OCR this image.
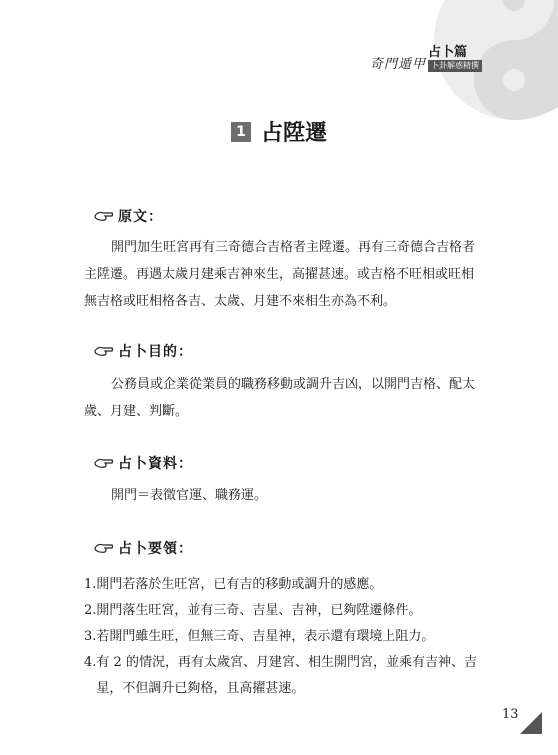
奇門遁甲
占卜篇
卜卦解惑精撰
1 占陞遷
原文：

開門加生旺宮再有三奇德合吉格者主陞遷。再有三奇德合吉格者主陞遷。再遇太歲月建乘吉神來生，高擢甚速。或吉格不旺相或旺相無吉格或旺相格各吉、太歲、月建不來相生亦為不利。

占卜目的：

公務員或企業從業員的職務移動或調升吉凶，以開門吉格、配太歲、月建、判斷。

占卜資料：

開門＝表徵官運、職務運。

占卜要領：
1. 開門若落於生旺宮，已有吉的移動或調升的感應。
2. 開門落生旺宮，並有三奇、吉星、吉神，已夠陞遷條件。
3. 若開門雖生旺，但無三奇、吉星神，表示還有環境上阻力。
4. 有 2 的情況，再有太歲宮、月建宮、相生開門宮，並乘有吉神、吉星，不但調升已夠格，且高擢甚速。
13
